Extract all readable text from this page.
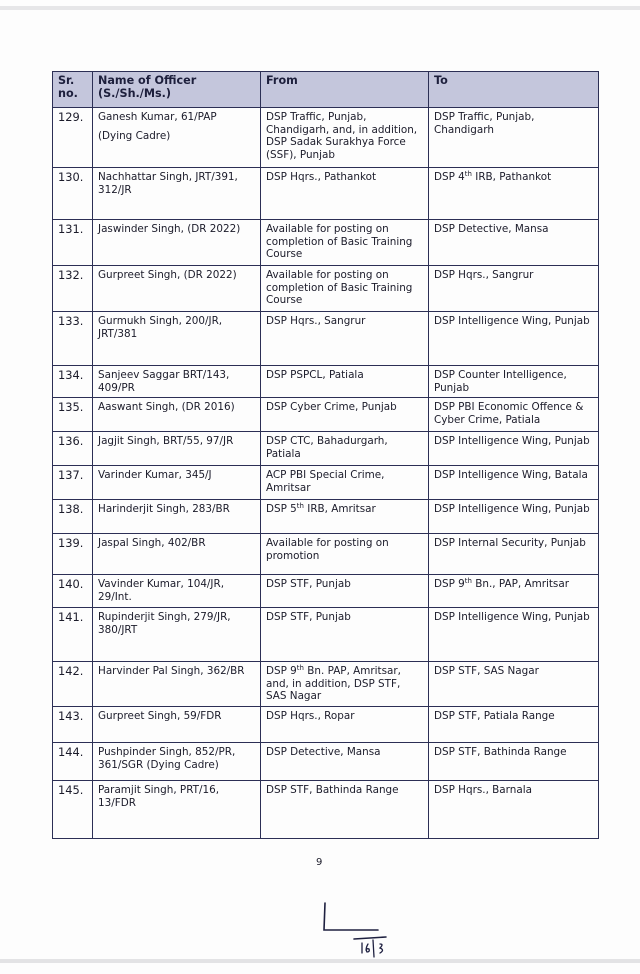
Sr.
no.	Name of Officer
(S./Sh./Ms.)	From	To
129.	Ganesh Kumar, 61/PAP
(Dying Cadre)
	DSP Traffic, Punjab, Chandigarh, and, in addition, DSP Sadak Surakhya Force (SSF), Punjab	DSP Traffic, Punjab, Chandigarh
130.	Nachhattar Singh, JRT/391, 312/JR	DSP Hqrs., Pathankot	DSP 4th IRB, Pathankot
131.	Jaswinder Singh, (DR 2022)	Available for posting on completion of Basic Training Course	DSP Detective, Mansa
132.	Gurpreet Singh, (DR 2022)	Available for posting on completion of Basic Training Course	DSP Hqrs., Sangrur
133.	Gurmukh Singh, 200/JR, JRT/381	DSP Hqrs., Sangrur	DSP Intelligence Wing, Punjab
134.	Sanjeev Saggar BRT/143, 409/PR	DSP PSPCL, Patiala	DSP Counter Intelligence, Punjab
135.	Aaswant Singh, (DR 2016)	DSP Cyber Crime, Punjab	DSP PBI Economic Offence & Cyber Crime, Patiala
136.	Jagjit Singh, BRT/55, 97/JR	DSP CTC, Bahadurgarh, Patiala	DSP Intelligence Wing, Punjab
137.	Varinder Kumar, 345/J	ACP PBI Special Crime, Amritsar	DSP Intelligence Wing, Batala
138.	Harinderjit Singh, 283/BR	DSP 5th IRB, Amritsar	DSP Intelligence Wing, Punjab
139.	Jaspal Singh, 402/BR	Available for posting on promotion	DSP Internal Security, Punjab
140.	Vavinder Kumar, 104/JR, 29/Int.	DSP STF, Punjab	DSP 9th Bn., PAP, Amritsar
141.	Rupinderjit Singh, 279/JR, 380/JRT	DSP STF, Punjab	DSP Intelligence Wing, Punjab
142.	Harvinder Pal Singh, 362/BR	DSP 9th Bn. PAP, Amritsar, and, in addition, DSP STF, SAS Nagar	DSP STF, SAS Nagar
143.	Gurpreet Singh, 59/FDR	DSP Hqrs., Ropar	DSP STF, Patiala Range
144.	Pushpinder Singh, 852/PR, 361/SGR (Dying Cadre)	DSP Detective, Mansa	DSP STF, Bathinda Range
145.	Paramjit Singh, PRT/16, 13/FDR	DSP STF, Bathinda Range	DSP Hqrs., Barnala
9
